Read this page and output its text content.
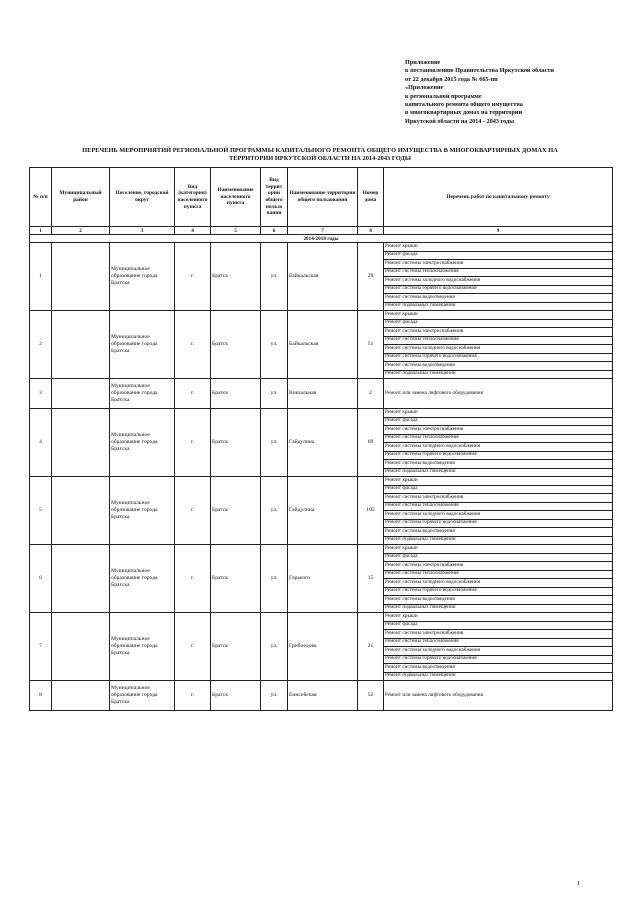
Приложение
к постановлению Правительства Иркутской области
от 22 декабря 2015 года № 665-пп
«Приложение
к региональной программе
капитального ремонта общего имущества
в многоквартирных домах на территории
Иркутской области на 2014 - 2043 годы
ПЕРЕЧЕНЬ МЕРОПРИЯТИЙ РЕГИОНАЛЬНОЙ ПРОГРАММЫ КАПИТАЛЬНОГО РЕМОНТА ОБЩЕГО ИМУЩЕСТВА В МНОГОКВАРТИРНЫХ ДОМАХ НА
ТЕРРИТОРИИ ИРКУТСКОЙ ОБЛАСТИ НА 2014-2043 ГОДЫ
№ п/п	Муниципальный район	Поселение, городской округ	Вид (категория) населенного пункта	Наименование населенного пункта	Вид террит ории общего пользо вания	Наименование территории общего пользования	Номер дома	Перечень работ по капитальному ремонту
1	2	3	4	5	6	7	8	9
2014-2018 годы								
1		Муниципальное образование города Братска	г.	Братск	ул.	Байкальская	29	Ремонт крыши
								Ремонт фасада
								Ремонт системы электроснабжения
								Ремонт системы теплоснабжения
								Ремонт системы холодного водоснабжения
								Ремонт системы горячего водоснабжения
								Ремонт системы водоотведения
								Ремонт подвальных помещений
2		Муниципальное образование города Братска	г.	Братск	ул.	Байкальская	51	Ремонт крыши
								Ремонт фасада
								Ремонт системы электроснабжения
								Ремонт системы теплоснабжения
								Ремонт системы холодного водоснабжения
								Ремонт системы горячего водоснабжения
								Ремонт системы водоотведения
								Ремонт подвальных помещений
3		Муниципальное образование города Братска	г.	Братск	ул.	Вокзальная	2	Ремонт или замена лифтового оборудования
4		Муниципальное образование города Братска	г.	Братск	ул.	Гайдулина	69	Ремонт крыши
								Ремонт фасада
								Ремонт системы электроснабжения
								Ремонт системы теплоснабжения
								Ремонт системы холодного водоснабжения
								Ремонт системы горячего водоснабжения
								Ремонт системы водоотведения
								Ремонт подвальных помещений
5		Муниципальное образование города Братска	г.	Братск	ул.	Гайдулина	105	Ремонт крыши
								Ремонт фасада
								Ремонт системы электроснабжения
								Ремонт системы теплоснабжения
								Ремонт системы холодного водоснабжения
								Ремонт системы горячего водоснабжения
								Ремонт системы водоотведения
								Ремонт подвальных помещений
6		Муниципальное образование города Братска	г.	Братск	ул.	Горького	15	Ремонт крыши
								Ремонт фасада
								Ремонт системы электроснабжения
								Ремонт системы теплоснабжения
								Ремонт системы холодного водоснабжения
								Ремонт системы горячего водоснабжения
								Ремонт системы водоотведения
								Ремонт подвальных помещений
7		Муниципальное образование города Братска	г.	Братск	ул.	Грибоедова	21	Ремонт крыши
								Ремонт фасада
								Ремонт системы электроснабжения
								Ремонт системы теплоснабжения
								Ремонт системы холодного водоснабжения
								Ремонт системы горячего водоснабжения
								Ремонт системы водоотведения
								Ремонт подвальных помещений
8		Муниципальное образование города Братска	г.	Братск	ул.	Енисейская	52	Ремонт или замена лифтового оборудования
1
